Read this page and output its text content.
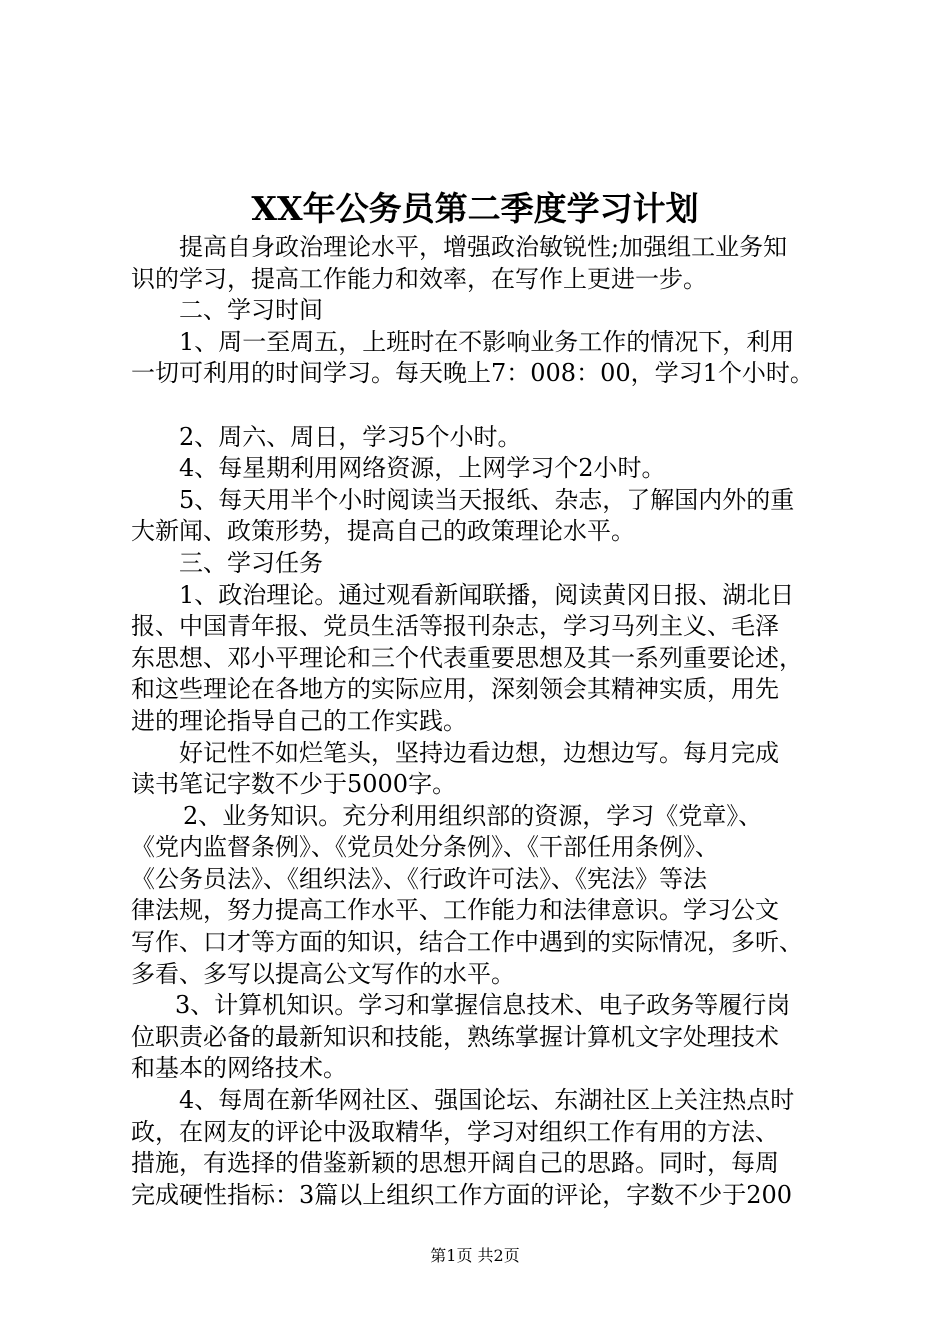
XX年公务员第二季度学习计划
提高自身政治理论水平，增强政治敏锐性;加强组工业务知
识的学习，提高工作能力和效率，在写作上更进一步。
二、学习时间
1、周一至周五，上班时在不影响业务工作的情况下，利用
一切可利用的时间学习。每天晚上7：008：00，学习1个小时。
2、周六、周日，学习5个小时。
4、每星期利用网络资源，上网学习个2小时。
5、每天用半个小时阅读当天报纸、杂志，了解国内外的重
大新闻、政策形势，提高自己的政策理论水平。
三、学习任务
1、政治理论。通过观看新闻联播，阅读黄冈日报、湖北日
报、中国青年报、党员生活等报刊杂志，学习马列主义、毛泽
东思想、邓小平理论和三个代表重要思想及其一系列重要论述，
和这些理论在各地方的实际应用，深刻领会其精神实质，用先
进的理论指导自己的工作实践。
好记性不如烂笔头，坚持边看边想，边想边写。每月完成
读书笔记字数不少于5000字。
2、业务知识。充分利用组织部的资源，学习《党章》、
《党内监督条例》、《党员处分条例》、《干部任用条例》、
《公务员法》、《组织法》、《行政许可法》、《宪法》等法
律法规，努力提高工作水平、工作能力和法律意识。学习公文
写作、口才等方面的知识，结合工作中遇到的实际情况，多听、
多看、多写以提高公文写作的水平。
3、计算机知识。学习和掌握信息技术、电子政务等履行岗
位职责必备的最新知识和技能，熟练掌握计算机文字处理技术
和基本的网络技术。
4、每周在新华网社区、强国论坛、东湖社区上关注热点时
政，在网友的评论中汲取精华，学习对组织工作有用的方法、
措施，有选择的借鉴新颖的思想开阔自己的思路。同时，每周
完成硬性指标：3篇以上组织工作方面的评论，字数不少于200
第1页 共2页
